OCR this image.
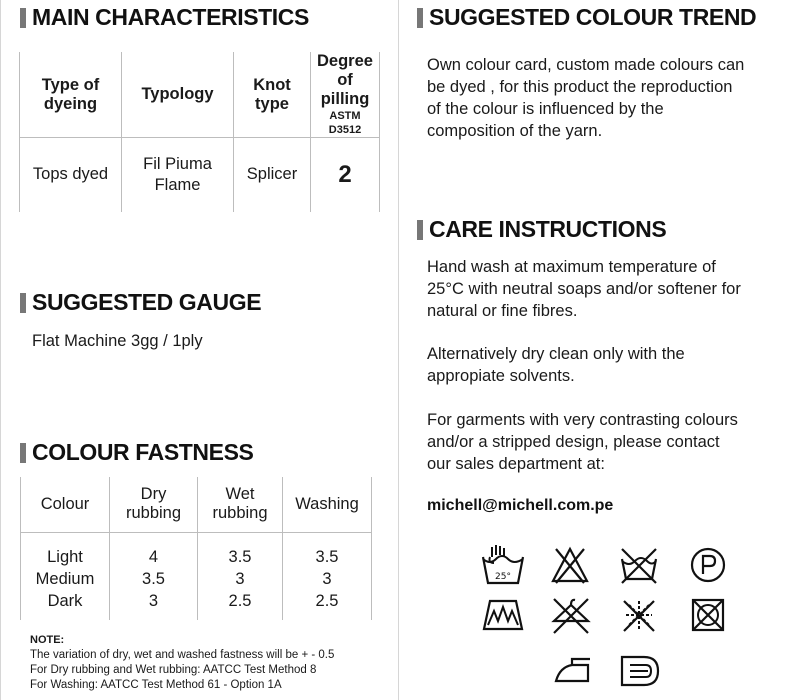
MAIN CHARACTERISTICS
Type of dyeing	Typology	Knot type	Degree of pilling
ASTM D3512

Tops dyed	Fil Piuma Flame	Splicer	2
SUGGESTED GAUGE
Flat Machine 3gg / 1ply
COLOUR FASTNESS
Colour	Dry rubbing	Wet rubbing	Washing

Light	4	3.5	3.5
Medium	3.5	3	3
Dark	3	2.5	2.5

NOTE:
The variation of dry, wet and washed fastness will be + - 0.5
For Dry rubbing and Wet rubbing: AATCC Test Method 8
For Washing: AATCC Test Method 61 - Option 1A
SUGGESTED COLOUR TREND
Own colour card, custom made colours can
be dyed , for this product the reproduction
of the colour is influenced by the
composition of the yarn.
CARE INSTRUCTIONS
Hand wash at maximum temperature of
25°C with neutral soaps and/or softener for
natural or fine fibres.
Alternatively dry clean only with the
appropiate solvents.
For garments with very contrasting colours
and/or a stripped design, please contact
our sales department at:
michell@michell.com.pe
25°
